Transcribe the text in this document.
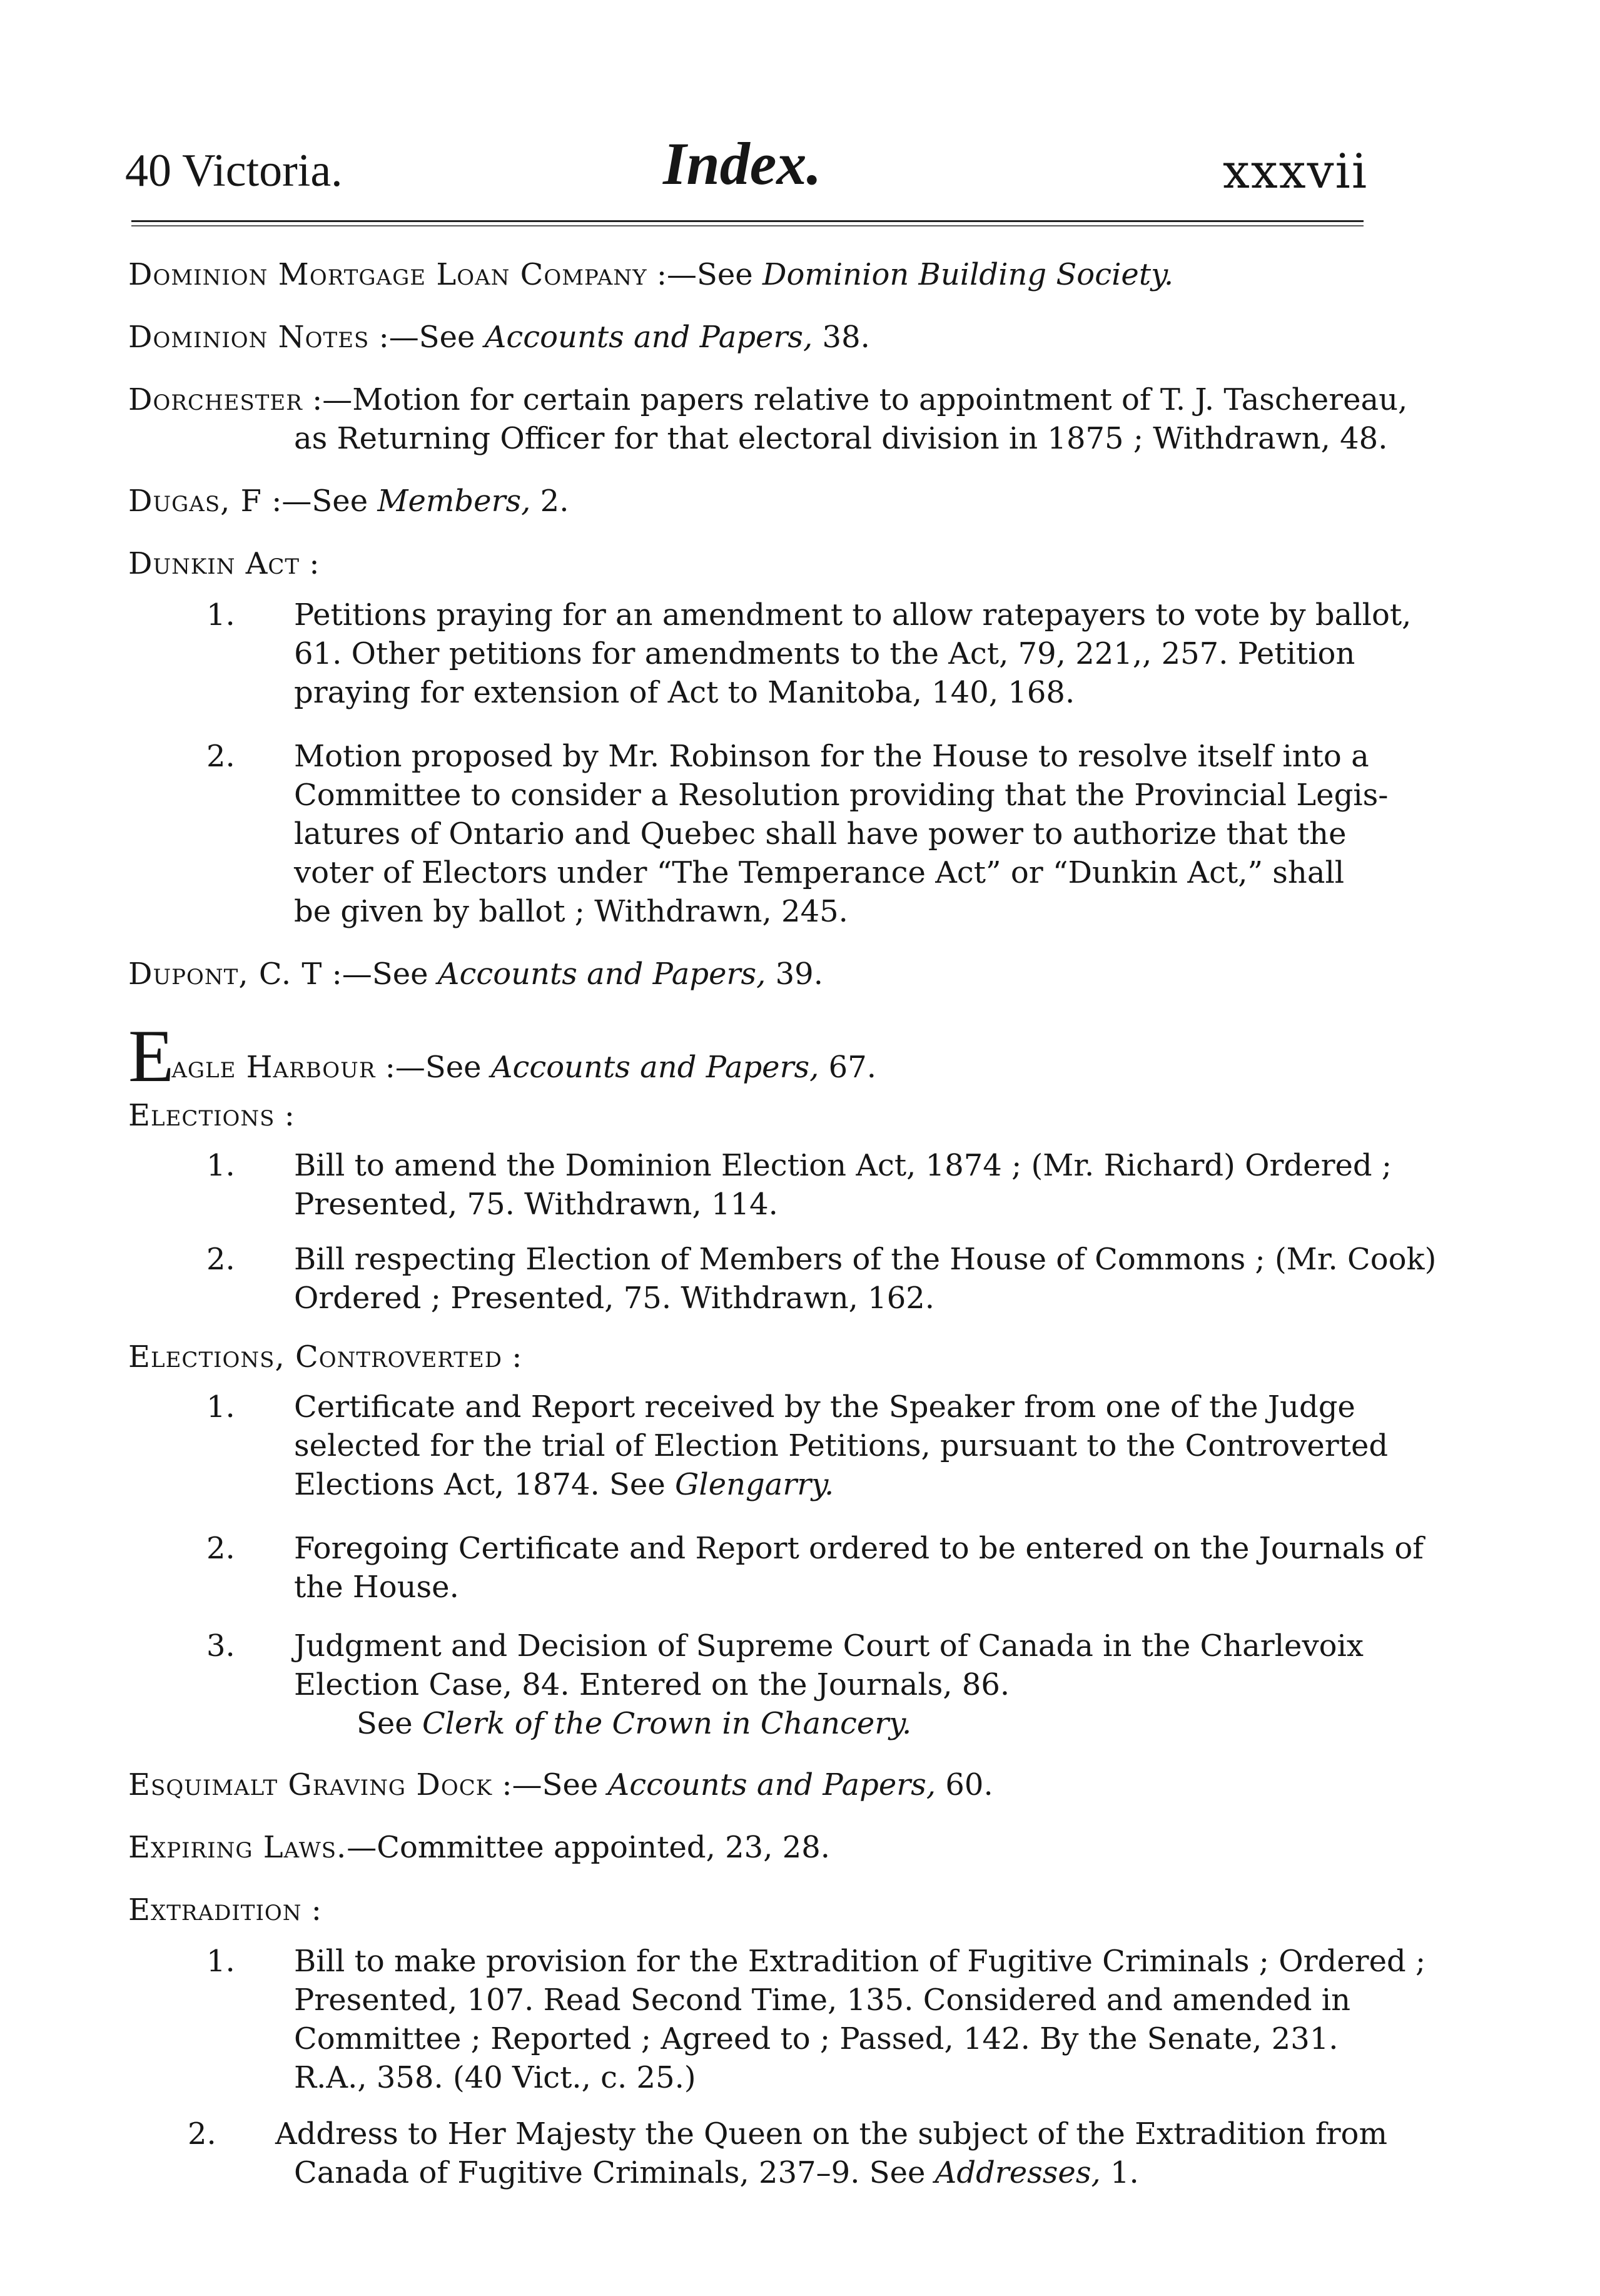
40 Victoria.	Index.	xxxvii
Dominion Mortgage Loan Company :—See Dominion Building Society.
Dominion Notes :—See Accounts and Papers, 38.
Dorchester :—Motion for certain papers relative to appointment of T. J. Taschereau,
as Returning Officer for that electoral division in 1875 ; Withdrawn, 48.
Dugas, F :—See Members, 2.
Dunkin Act :
1. Petitions praying for an amendment to allow ratepayers to vote by ballot,
61. Other petitions for amendments to the Act, 79, 221,, 257. Petition
praying for extension of Act to Manitoba, 140, 168.
2. Motion proposed by Mr. Robinson for the House to resolve itself into a
Committee to consider a Resolution providing that the Provincial Legis-
latures of Ontario and Quebec shall have power to authorize that the
voter of Electors under “The Temperance Act” or “Dunkin Act,” shall
be given by ballot ; Withdrawn, 245.
Dupont, C. T :—See Accounts and Papers, 39.
Eagle Harbour :—See Accounts and Papers, 67.
Elections :
1. Bill to amend the Dominion Election Act, 1874 ; (Mr. Richard) Ordered ;
Presented, 75. Withdrawn, 114.
2. Bill respecting Election of Members of the House of Commons ; (Mr. Cook)
Ordered ; Presented, 75. Withdrawn, 162.
Elections, Controverted :
1. Certificate and Report received by the Speaker from one of the Judge
selected for the trial of Election Petitions, pursuant to the Controverted
Elections Act, 1874. See Glengarry.
2. Foregoing Certificate and Report ordered to be entered on the Journals of
the House.
3. Judgment and Decision of Supreme Court of Canada in the Charlevoix
Election Case, 84. Entered on the Journals, 86.
See Clerk of the Crown in Chancery.
Esquimalt Graving Dock :—See Accounts and Papers, 60.
Expiring Laws.—Committee appointed, 23, 28.
Extradition :
1. Bill to make provision for the Extradition of Fugitive Criminals ; Ordered ;
Presented, 107. Read Second Time, 135. Considered and amended in
Committee ; Reported ; Agreed to ; Passed, 142. By the Senate, 231.
R.A., 358. (40 Vict., c. 25.)
2. Address to Her Majesty the Queen on the subject of the Extradition from
Canada of Fugitive Criminals, 237–9. See Addresses, 1.
